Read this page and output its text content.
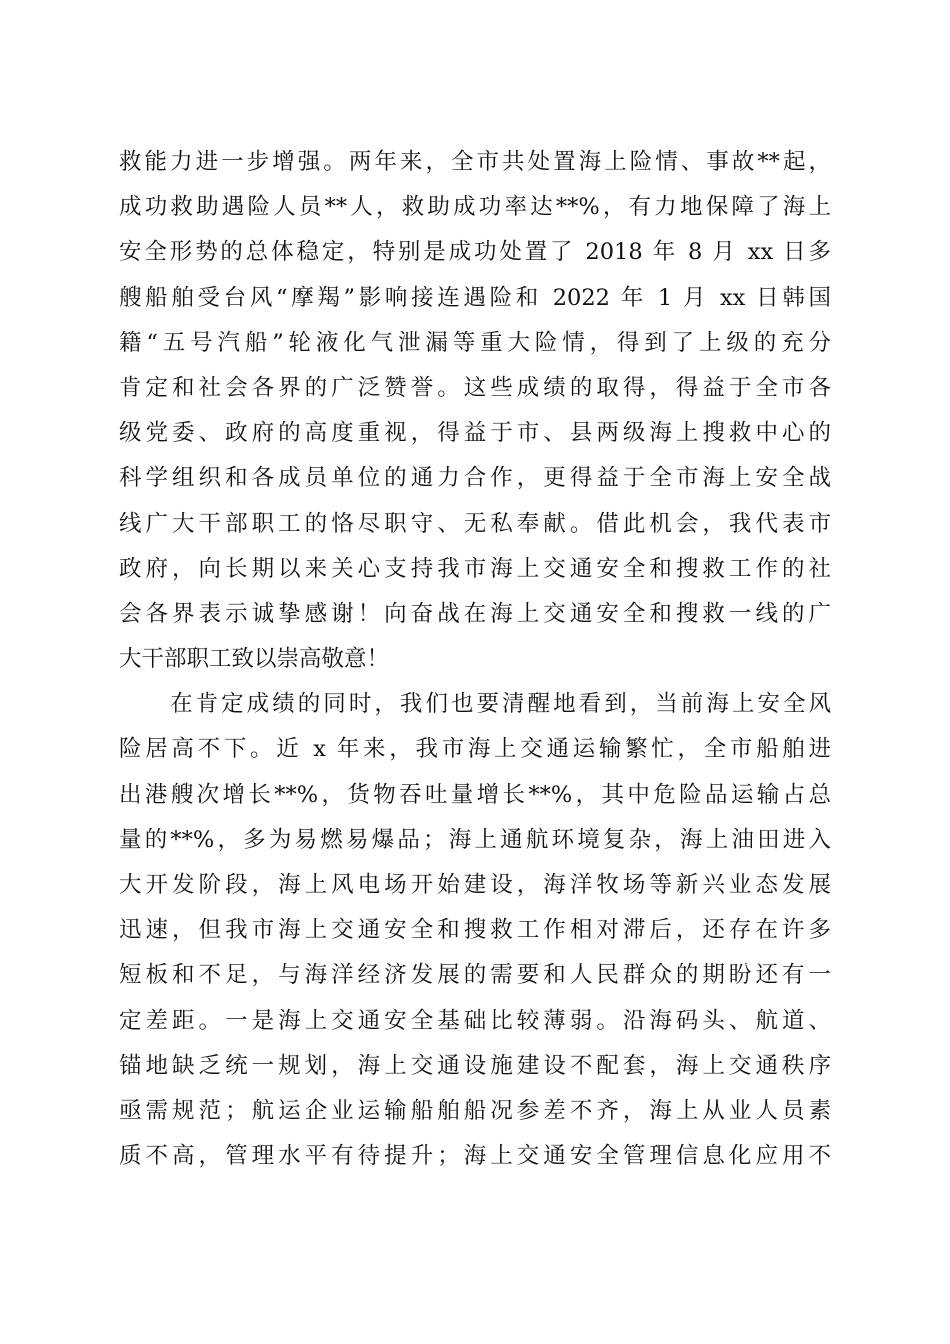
救能力进一步增强。两年来，全市共处置海上险情、事故**起，
成功救助遇险人员**人，救助成功率达**%，有力地保障了海上
安全形势的总体稳定，特别是成功处置了 2018 年 8 月 xx 日多
艘船舶受台风“摩羯”影响接连遇险和 2022 年 1 月 xx 日韩国
籍“五号汽船”轮液化气泄漏等重大险情，得到了上级的充分
肯定和社会各界的广泛赞誉。这些成绩的取得，得益于全市各
级党委、政府的高度重视，得益于市、县两级海上搜救中心的
科学组织和各成员单位的通力合作，更得益于全市海上安全战
线广大干部职工的恪尽职守、无私奉献。借此机会，我代表市
政府，向长期以来关心支持我市海上交通安全和搜救工作的社
会各界表示诚挚感谢！向奋战在海上交通安全和搜救一线的广
大干部职工致以崇高敬意！
　　在肯定成绩的同时，我们也要清醒地看到，当前海上安全风
险居高不下。近 x 年来，我市海上交通运输繁忙，全市船舶进
出港艘次增长**%，货物吞吐量增长**%，其中危险品运输占总
量的**%，多为易燃易爆品；海上通航环境复杂，海上油田进入
大开发阶段，海上风电场开始建设，海洋牧场等新兴业态发展
迅速，但我市海上交通安全和搜救工作相对滞后，还存在许多
短板和不足，与海洋经济发展的需要和人民群众的期盼还有一
定差距。一是海上交通安全基础比较薄弱。沿海码头、航道、
锚地缺乏统一规划，海上交通设施建设不配套，海上交通秩序
亟需规范；航运企业运输船舶船况参差不齐，海上从业人员素
质不高，管理水平有待提升；海上交通安全管理信息化应用不
